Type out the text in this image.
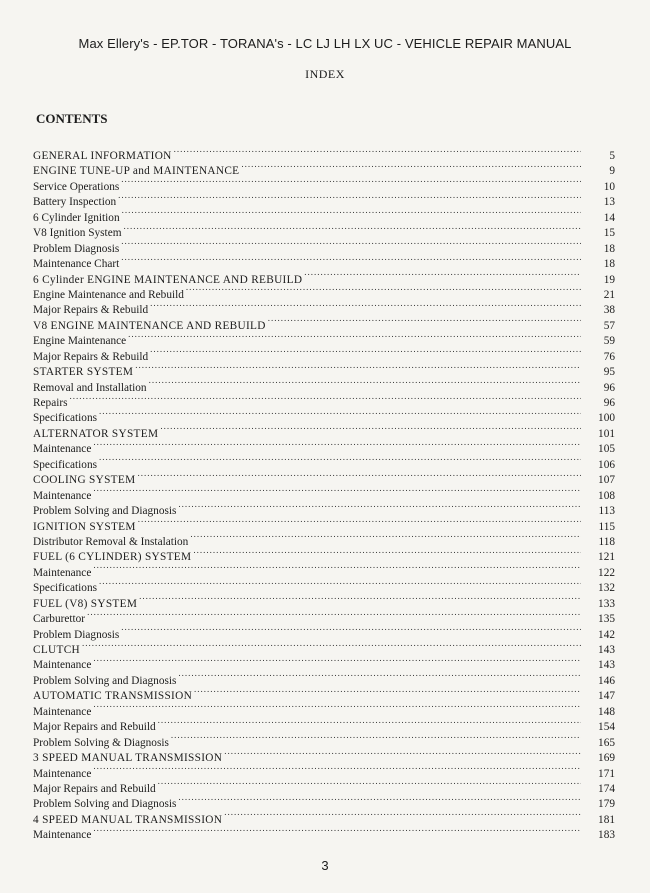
Max Ellery's - EP.TOR - TORANA's - LC LJ LH LX UC - VEHICLE REPAIR MANUAL
INDEX
CONTENTS
GENERAL INFORMATION .....	5
ENGINE TUNE-UP and MAINTENANCE .....	9
Service Operations .....	10
Battery Inspection .....	13
6 Cylinder Ignition .....	14
V8 Ignition System .....	15
Problem Diagnosis .....	18
Maintenance Chart .....	18
6 Cylinder ENGINE MAINTENANCE AND REBUILD .....	19
Engine Maintenance and Rebuild .....	21
Major Repairs & Rebuild .....	38
V8 ENGINE MAINTENANCE AND REBUILD .....	57
Engine Maintenance .....	59
Major Repairs & Rebuild .....	76
STARTER SYSTEM .....	95
Removal and Installation .....	96
Repairs .....	96
Specifications .....	100
ALTERNATOR SYSTEM .....	101
Maintenance .....	105
Specifications .....	106
COOLING SYSTEM .....	107
Maintenance .....	108
Problem Solving and Diagnosis .....	113
IGNITION SYSTEM .....	115
Distributor Removal & Instalation .....	118
FUEL (6 CYLINDER) SYSTEM .....	121
Maintenance .....	122
Specifications .....	132
FUEL (V8) SYSTEM .....	133
Carburettor .....	135
Problem Diagnosis .....	142
CLUTCH .....	143
Maintenance .....	143
Problem Solving and Diagnosis .....	146
AUTOMATIC TRANSMISSION .....	147
Maintenance .....	148
Major Repairs and Rebuild .....	154
Problem Solving & Diagnosis .....	165
3 SPEED MANUAL TRANSMISSION .....	169
Maintenance .....	171
Major Repairs and Rebuild .....	174
Problem Solving and Diagnosis .....	179
4 SPEED MANUAL TRANSMISSION .....	181
Maintenance .....	183
3
